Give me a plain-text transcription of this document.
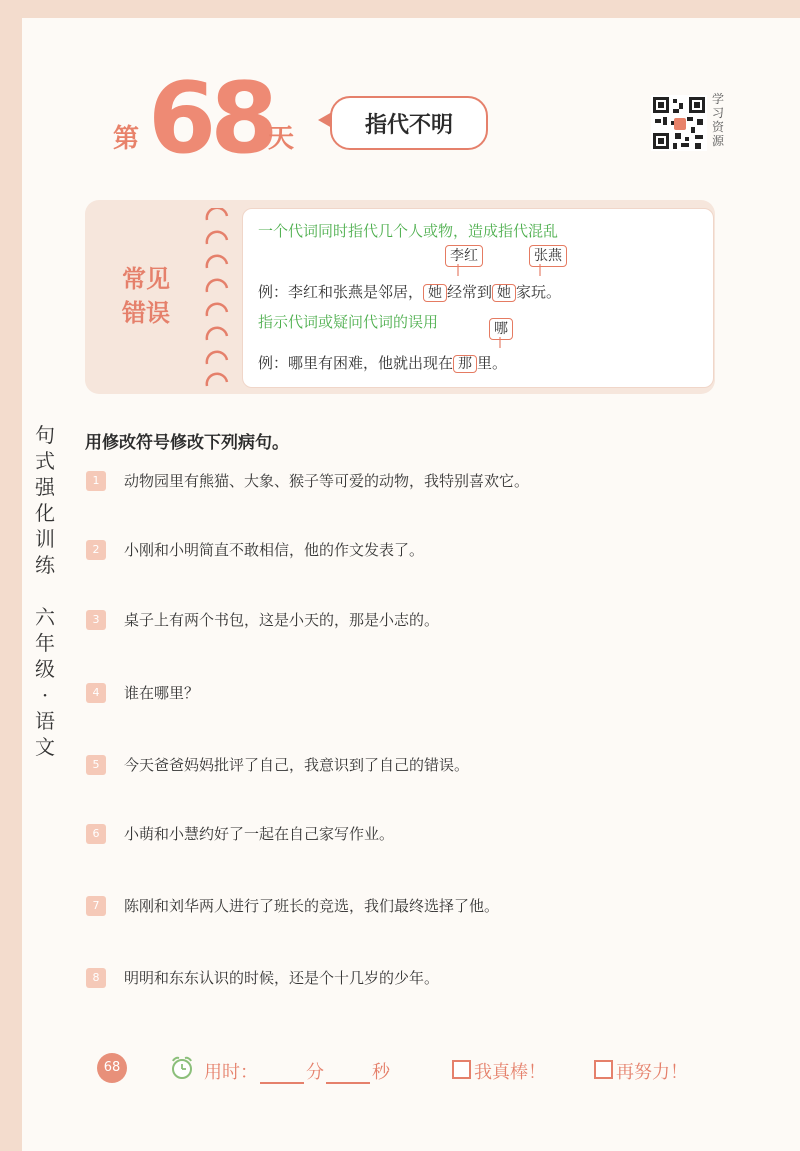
第 68
天	指代不明
学习资源
常见
错误
一个代词同时指代几个人或物，造成指代混乱
李红	张燕
例：李红和张燕是邻居， 她 经常到 她 家玩。
指示代词或疑问代词的误用	哪
例：哪里有困难，他就出现在 那 里。
句
式
强
化
训
练
六
年
级
·
语
文
用修改符号修改下列病句。
1	动物园里有熊猫、大象、猴子等可爱的动物，我特别喜欢它。
2	小刚和小明简直不敢相信，他的作文发表了。
3	桌子上有两个书包，这是小天的，那是小志的。
4	谁在哪里？
5	今天爸爸妈妈批评了自己，我意识到了自己的错误。
6	小萌和小慧约好了一起在自己家写作业。
7	陈刚和刘华两人进行了班长的竞选，我们最终选择了他。
8	明明和东东认识的时候，还是个十几岁的少年。
68	用时：	分	秒	我真棒！	再努力！
